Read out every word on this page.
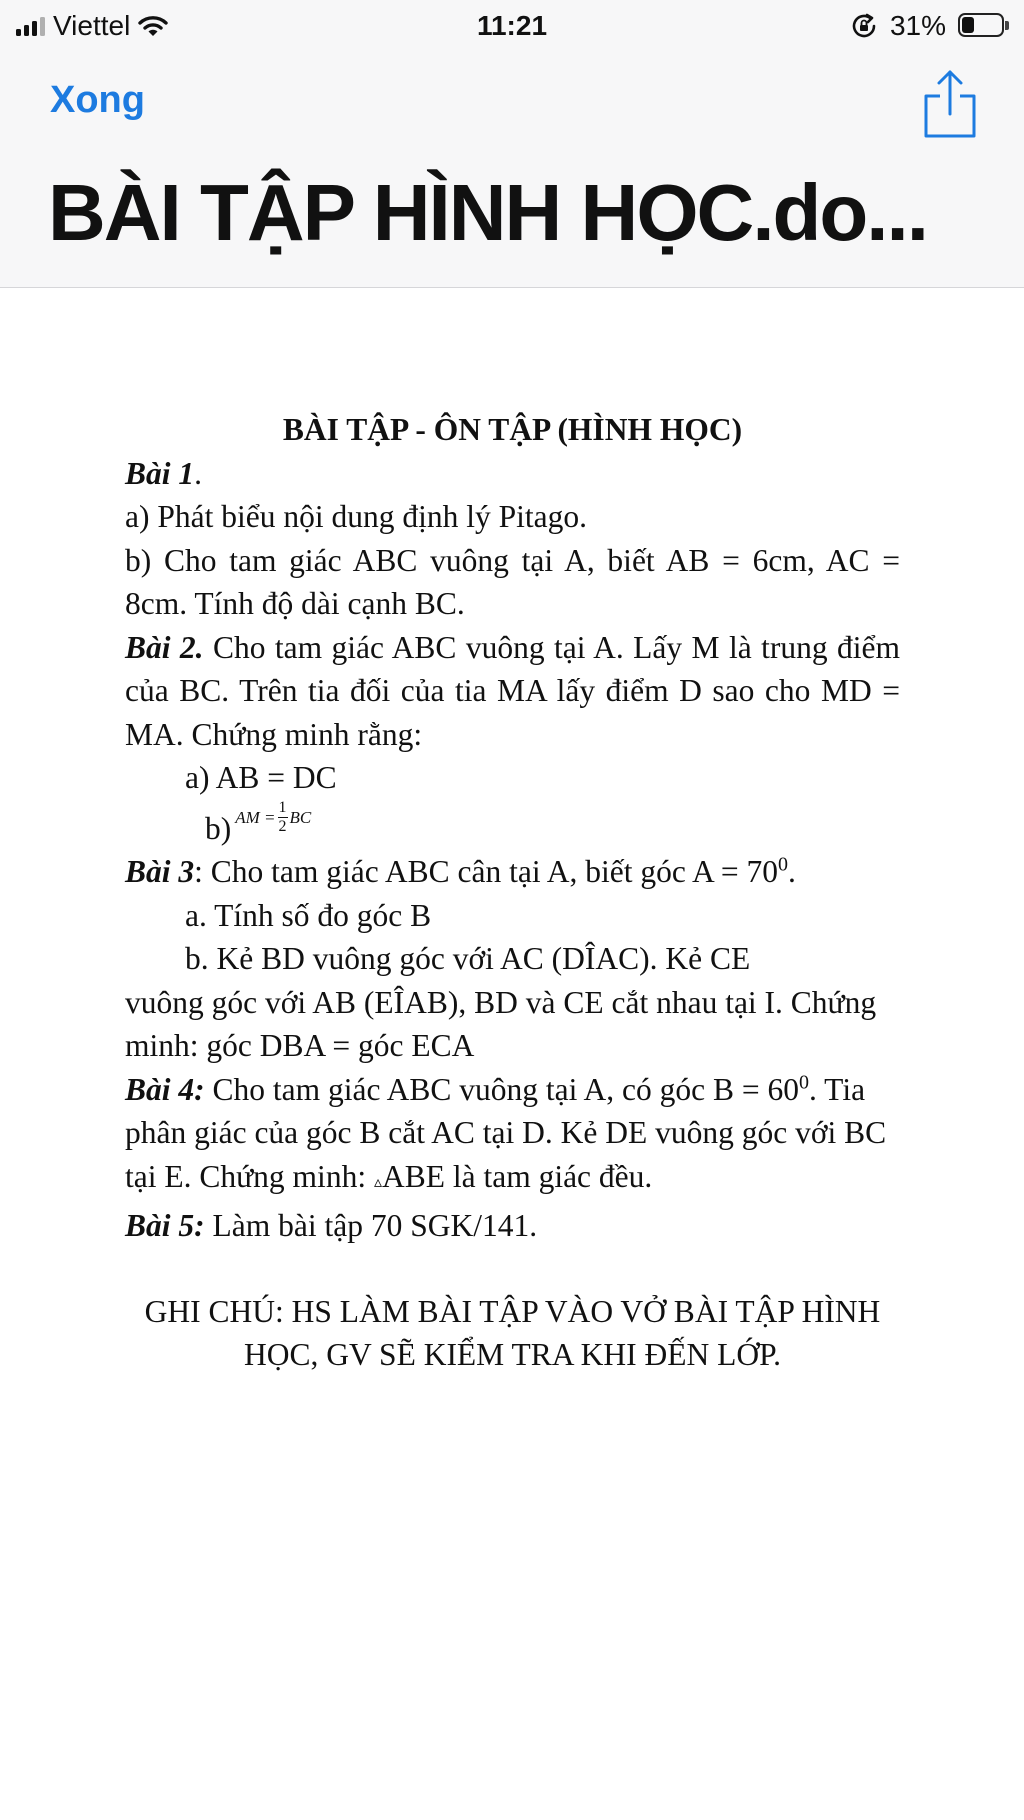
Viettel	11:21	31%
Xong
BÀI TẬP HÌNH HỌC.do...

BÀI TẬP - ÔN TẬP (HÌNH HỌC)

Bài 1.

a) Phát biểu nội dung định lý Pitago.

b) Cho tam giác ABC vuông tại A, biết AB = 6cm, AC = 8cm. Tính độ dài cạnh BC.

Bài 2. Cho tam giác ABC vuông tại A. Lấy M là trung điểm của BC. Trên tia đối của tia MA lấy điểm D sao cho MD = MA. Chứng minh rằng:

a) AB = DC

b) AM = $\frac{1}{2}$ BC

Bài 3: Cho tam giác ABC cân tại A, biết góc $A = 70^0$.

a. Tính số đo góc B

b. Kẻ BD vuông góc với AC (DÎAC). Kẻ CE

vuông góc với AB (EÎAB), BD và CE cắt nhau tại I. Chứng minh: góc DBA = góc ECA

Bài 4: Cho tam giác ABC vuông tại A, có góc $B = 60^0$. Tia phân giác của góc B cắt AC tại D. Kẻ DE vuông góc với BC tại E. Chứng minh: ▵ABE là tam giác đều.

Bài 5: Làm bài tập 70 SGK/141.

GHI CHÚ: HS LÀM BÀI TẬP VÀO VỞ BÀI TẬP HÌNH HỌC, GV SẼ KIỂM TRA KHI ĐẾN LỚP.
